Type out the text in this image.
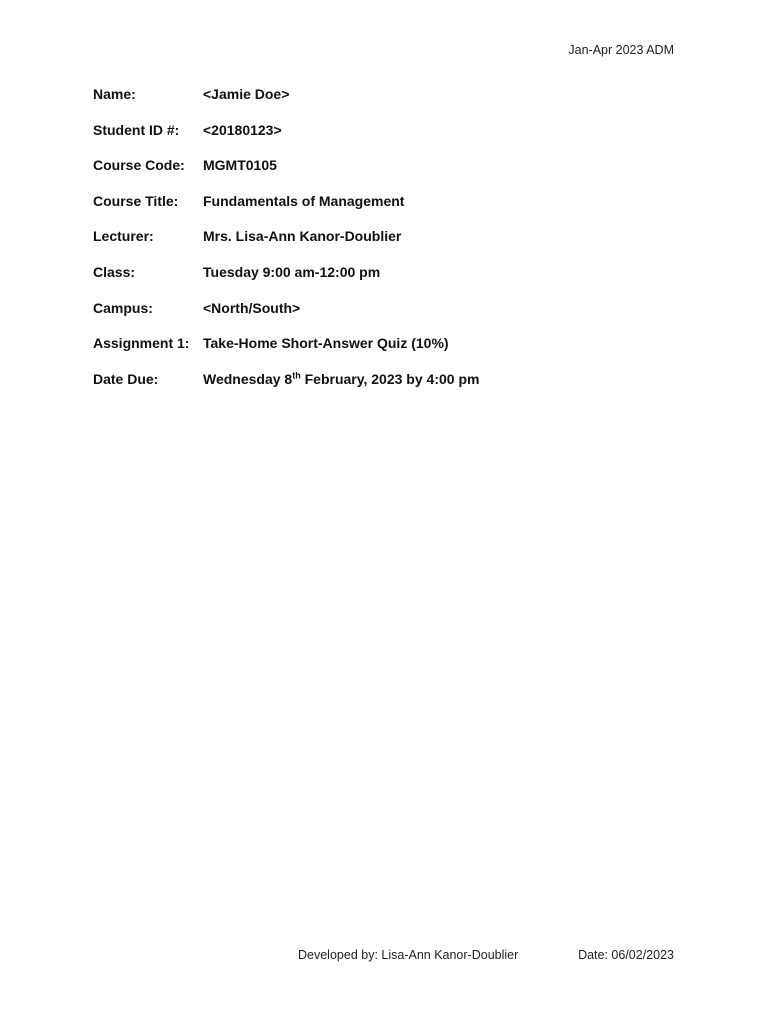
Jan-Apr 2023 ADM
Name:	<Jamie Doe>
Student ID #:	<20180123>
Course Code:	MGMT0105
Course Title:	Fundamentals of Management
Lecturer:	Mrs. Lisa-Ann Kanor-Doublier
Class:	Tuesday 9:00 am-12:00 pm
Campus:	<North/South>
Assignment 1: Take-Home Short-Answer Quiz (10%)
Date Due:	Wednesday 8th February, 2023 by 4:00 pm
Developed by: Lisa-Ann Kanor-Doublier	Date: 06/02/2023
